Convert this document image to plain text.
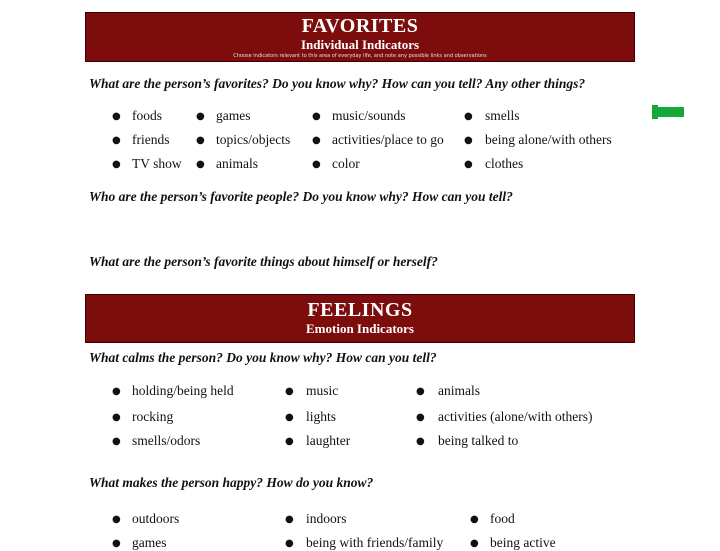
FAVORITES
Individual Indicators
Choose indicators relevant to this area of everyday life, and note any possible links and observations
What are the person’s favorites? Do you know why? How can you tell? Any other things?
● foods
● friends
● TV show
● games
● topics/objects
● animals
● music/sounds
● activities/place to go
● color
● smells
● being alone/with others
● clothes
Who are the person’s favorite people? Do you know why? How can you tell?
What are the person’s favorite things about himself or herself?
FEELINGS
Emotion Indicators
What calms the person? Do you know why? How can you tell?
● holding/being held
● rocking
● smells/odors
● music
● lights
● laughter
● animals
● activities (alone/with others)
● being talked to
What makes the person happy? How do you know?
● outdoors
● games
● indoors
● being with friends/family
● food
● being active
